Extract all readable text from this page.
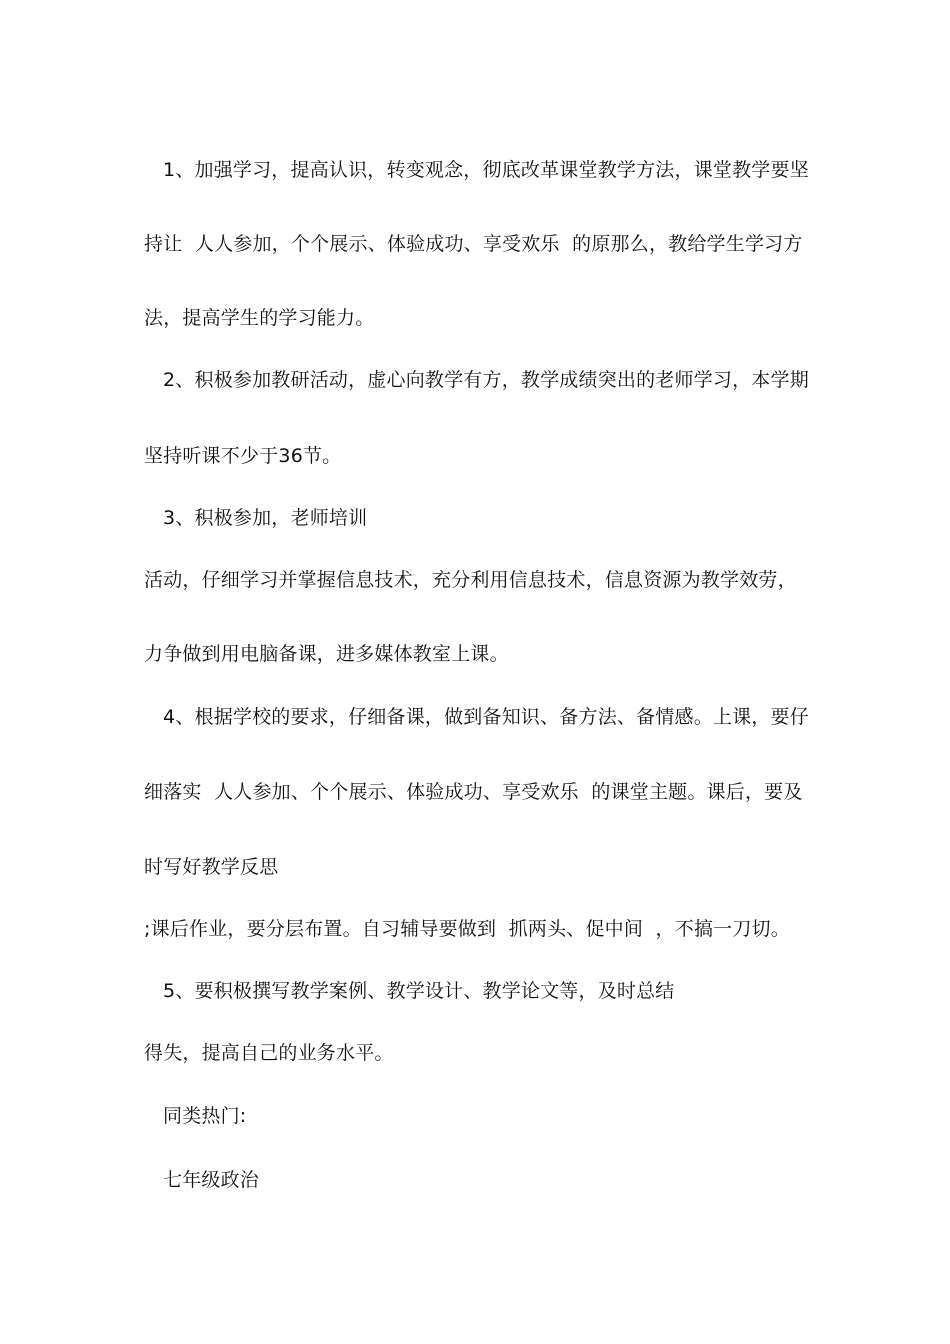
1、加强学习，提高认识，转变观念，彻底改革课堂教学方法，课堂教学要坚

持让  人人参加，个个展示、体验成功、享受欢乐  的原那么，教给学生学习方

法，提高学生的学习能力。

2、积极参加教研活动，虚心向教学有方，教学成绩突出的老师学习，本学期

坚持听课不少于36节。

3、积极参加，老师培训

活动，仔细学习并掌握信息技术，充分利用信息技术，信息资源为教学效劳，

力争做到用电脑备课，进多媒体教室上课。

4、根据学校的要求，仔细备课，做到备知识、备方法、备情感。上课，要仔

细落实  人人参加、个个展示、体验成功、享受欢乐  的课堂主题。课后，要及

时写好教学反思

;课后作业，要分层布置。自习辅导要做到  抓两头、促中间  ，不搞一刀切。

5、要积极撰写教学案例、教学设计、教学论文等，及时总结

得失，提高自己的业务水平。

同类热门:

七年级政治
